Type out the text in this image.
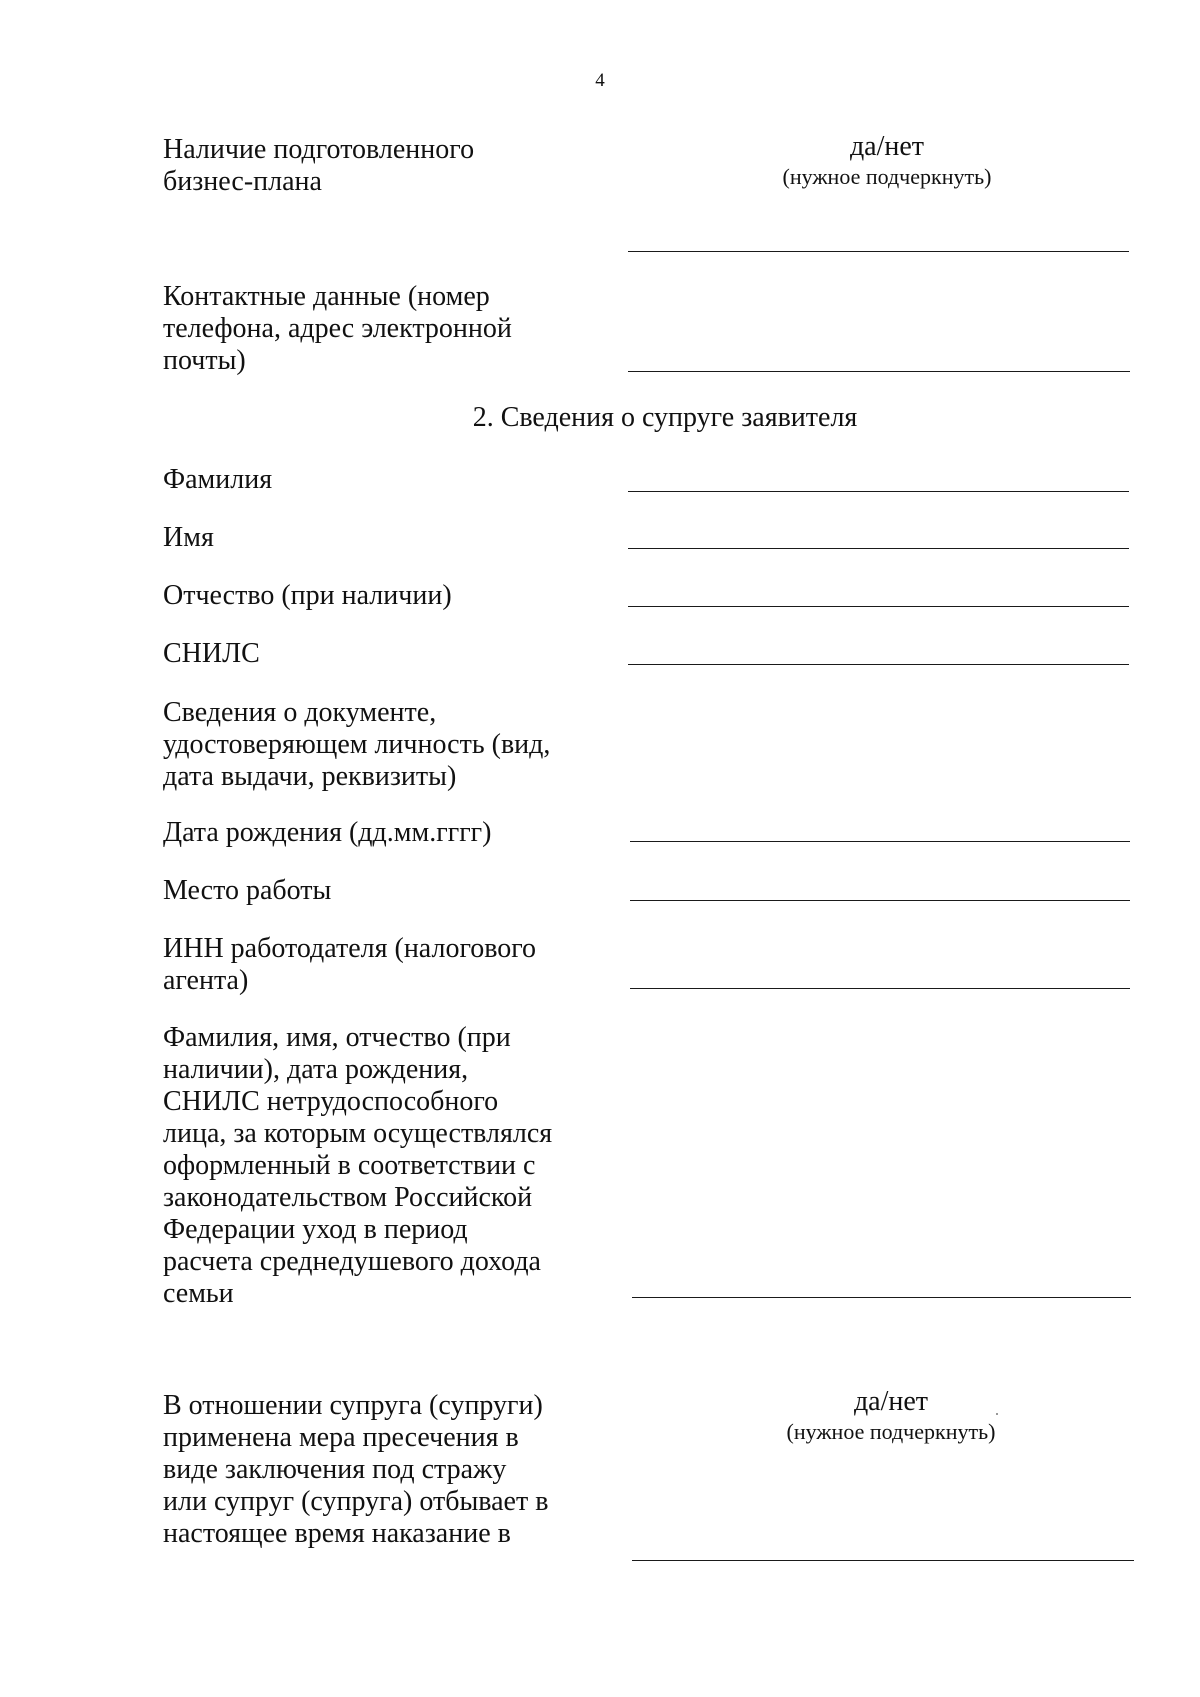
4
Наличие подготовленного
бизнес-плана
да/нет
(нужное подчеркнуть)
Контактные данные (номер
телефона, адрес электронной
почты)
2. Сведения о супруге заявителя
Фамилия
Имя
Отчество (при наличии)
СНИЛС
Сведения о документе,
удостоверяющем личность (вид,
дата выдачи, реквизиты)
Дата рождения (дд.мм.гггг)
Место работы
ИНН работодателя (налогового
агента)
Фамилия, имя, отчество (при
наличии), дата рождения,
СНИЛС нетрудоспособного
лица, за которым осуществлялся
оформленный в соответствии с
законодательством Российской
Федерации уход в период
расчета среднедушевого дохода
семьи
В отношении супруга (супруги)
применена мера пресечения в
виде заключения под стражу
или супруг (супруга) отбывает в
настоящее время наказание в
да/нет
(нужное подчеркнуть)
